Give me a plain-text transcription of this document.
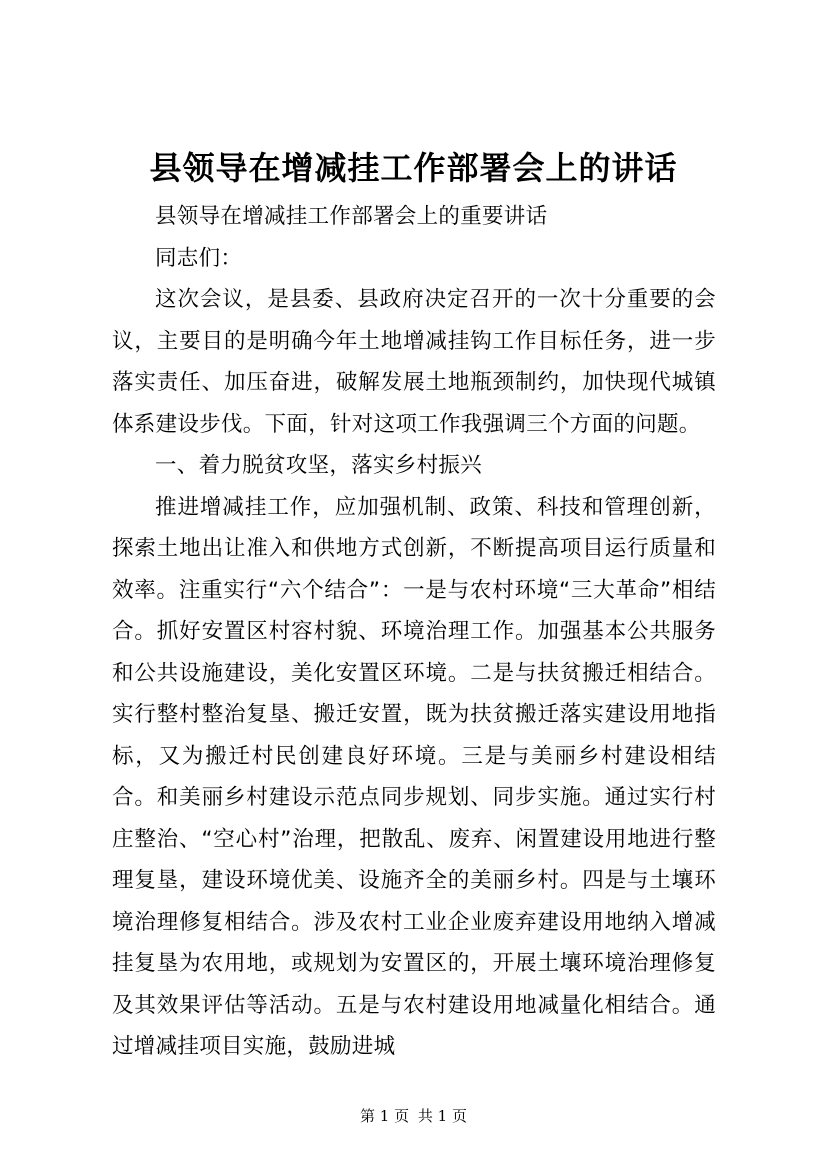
县领导在增减挂工作部署会上的讲话

县领导在增减挂工作部署会上的重要讲话

同志们：

这次会议，是县委、县政府决定召开的一次十分重要的会议，主要目的是明确今年土地增减挂钩工作目标任务，进一步落实责任、加压奋进，破解发展土地瓶颈制约，加快现代城镇体系建设步伐。下面，针对这项工作我强调三个方面的问题。

一、着力脱贫攻坚，落实乡村振兴

推进增减挂工作，应加强机制、政策、科技和管理创新，探索土地出让准入和供地方式创新，不断提高项目运行质量和效率。注重实行“六个结合”：一是与农村环境“三大革命”相结合。抓好安置区村容村貌、环境治理工作。加强基本公共服务和公共设施建设，美化安置区环境。二是与扶贫搬迁相结合。实行整村整治复垦、搬迁安置，既为扶贫搬迁落实建设用地指标，又为搬迁村民创建良好环境。三是与美丽乡村建设相结合。和美丽乡村建设示范点同步规划、同步实施。通过实行村庄整治、“空心村”治理，把散乱、废弃、闲置建设用地进行整理复垦，建设环境优美、设施齐全的美丽乡村。四是与土壤环境治理修复相结合。涉及农村工业企业废弃建设用地纳入增减挂复垦为农用地，或规划为安置区的，开展土壤环境治理修复及其效果评估等活动。五是与农村建设用地减量化相结合。通过增减挂项目实施，鼓励进城

第 1 页 共 1 页
